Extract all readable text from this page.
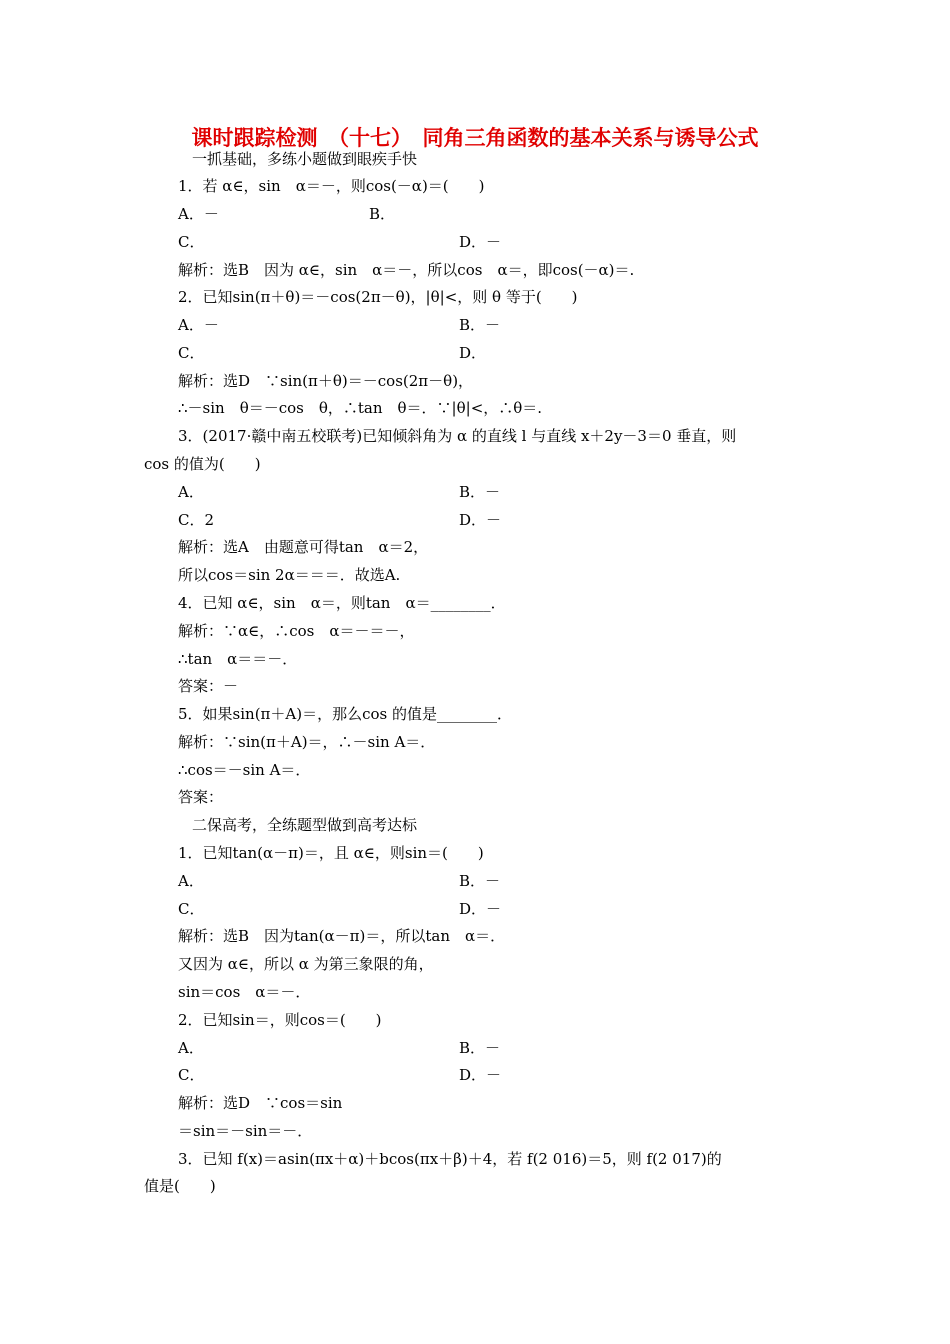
课时跟踪检测　（十七）　同角三角函数的基本关系与诱导公式
一抓基础，多练小题做到眼疾手快
1．若 α∈，sin　α＝－，则cos(－α)＝(　　)
A．－	B．
C．	D．－
解析：选B　因为 α∈，sin　α＝－，所以cos　α＝，即cos(－α)＝.
2．已知sin(π＋θ)＝－cos(2π－θ)，|θ|<，则 θ 等于(　　)
A．－	B．－
C．	D．
解析：选D　∵sin(π＋θ)＝－cos(2π－θ)，
∴－sin　θ＝－cos　θ，∴tan　θ＝．∵|θ|<，∴θ＝.
3．(2017·赣中南五校联考)已知倾斜角为 α 的直线 l 与直线 x＋2y－3＝0 垂直，则
cos 的值为(　　)
A．	B．－
C．2	D．－
解析：选A　由题意可得tan　α＝2，
所以cos＝sin 2α＝＝＝．故选A.
4．已知 α∈，sin　α＝，则tan　α＝________．
解析：∵α∈，∴cos　α＝－＝－，
∴tan　α＝＝－．
答案：－
5．如果sin(π＋A)＝，那么cos 的值是________．
解析：∵sin(π＋A)＝，∴－sin A＝．
∴cos＝－sin A＝．
答案：
二保高考，全练题型做到高考达标
1．已知tan(α－π)＝，且 α∈，则sin＝(　　)
A．	B．－
C．	D．－
解析：选B　因为tan(α－π)＝，所以tan　α＝．
又因为 α∈，所以 α 为第三象限的角，
sin＝cos　α＝－．
2．已知sin＝，则cos＝(　　)
A．	B．－
C．	D．－
解析：选D　∵cos＝sin
＝sin＝－sin＝－．
3．已知 f(x)＝asin(πx＋α)＋bcos(πx＋β)＋4，若 f(2 016)＝5，则 f(2 017)的
值是(　　)
